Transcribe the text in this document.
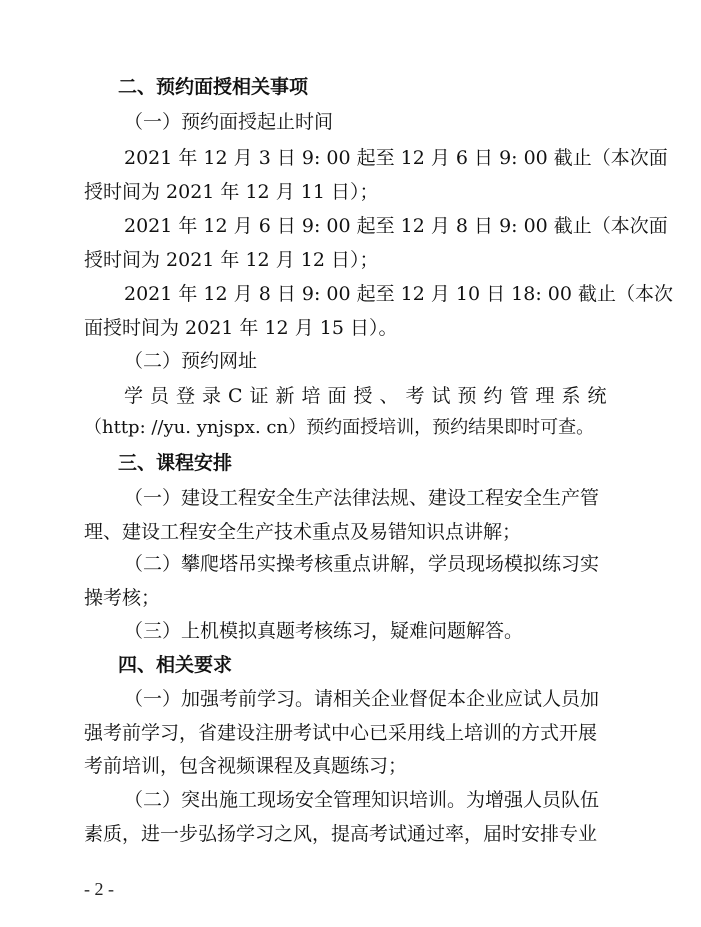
二、预约面授相关事项
（一）预约面授起止时间
2021 年 12 月 3 日 9: 00 起至 12 月 6 日 9: 00 截止（本次面
授时间为 2021 年 12 月 11 日）；
2021 年 12 月 6 日 9: 00 起至 12 月 8 日 9: 00 截止（本次面
授时间为 2021 年 12 月 12 日）；
2021 年 12 月 8 日 9: 00 起至 12 月 10 日 18: 00 截止（本次
面授时间为 2021 年 12 月 15 日）。
（二）预约网址
学员登录C证新培面授、考试预约管理系统
（http: //yu. ynjspx. cn）预约面授培训，预约结果即时可查。
三、课程安排
（一）建设工程安全生产法律法规、建设工程安全生产管
理、建设工程安全生产技术重点及易错知识点讲解；
（二）攀爬塔吊实操考核重点讲解，学员现场模拟练习实
操考核；
（三）上机模拟真题考核练习，疑难问题解答。
四、相关要求
（一）加强考前学习。请相关企业督促本企业应试人员加
强考前学习，省建设注册考试中心已采用线上培训的方式开展
考前培训，包含视频课程及真题练习；
（二）突出施工现场安全管理知识培训。为增强人员队伍
素质，进一步弘扬学习之风，提高考试通过率，届时安排专业
- 2 -
